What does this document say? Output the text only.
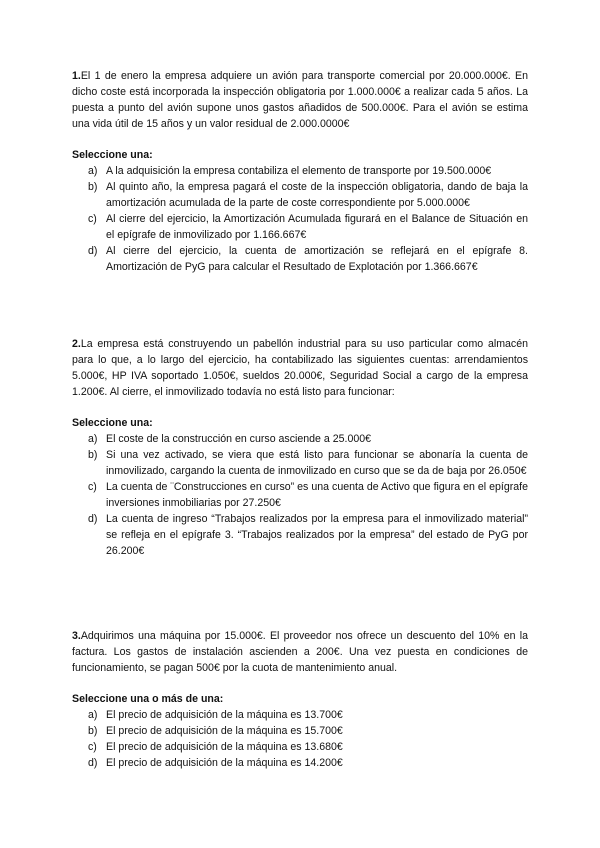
1.El 1 de enero la empresa adquiere un avión para transporte comercial por 20.000.000€. En dicho coste está incorporada la inspección obligatoria por 1.000.000€ a realizar cada 5 años. La puesta a punto del avión supone unos gastos añadidos de 500.000€. Para el avión se estima una vida útil de 15 años y un valor residual de 2.000.0000€

Seleccione una:

a) A la adquisición la empresa contabiliza el elemento de transporte por 19.500.000€
b) Al quinto año, la empresa pagará el coste de la inspección obligatoria, dando de baja la amortización acumulada de la parte de coste correspondiente por 5.000.000€
c) Al cierre del ejercicio, la Amortización Acumulada figurará en el Balance de Situación en el epígrafe de inmovilizado por 1.166.667€
d) Al cierre del ejercicio, la cuenta de amortización se reflejará en el epígrafe 8. Amortización de PyG para calcular el Resultado de Explotación por 1.366.667€

2.La empresa está construyendo un pabellón industrial para su uso particular como almacén para lo que, a lo largo del ejercicio, ha contabilizado las siguientes cuentas: arrendamientos 5.000€, HP IVA soportado 1.050€, sueldos 20.000€, Seguridad Social a cargo de la empresa 1.200€. Al cierre, el inmovilizado todavía no está listo para funcionar:

Seleccione una:

a) El coste de la construcción en curso asciende a 25.000€
b) Si una vez activado, se viera que está listo para funcionar se abonaría la cuenta de inmovilizado, cargando la cuenta de inmovilizado en curso que se da de baja por 26.050€
c) La cuenta de ¨Construcciones en curso” es una cuenta de Activo que figura en el epígrafe inversiones inmobiliarias por 27.250€
d) La cuenta de ingreso “Trabajos realizados por la empresa para el inmovilizado material” se refleja en el epígrafe 3. “Trabajos realizados por la empresa” del estado de PyG por 26.200€

3.Adquirimos una máquina por 15.000€. El proveedor nos ofrece un descuento del 10% en la factura. Los gastos de instalación ascienden a 200€. Una vez puesta en condiciones de funcionamiento, se pagan 500€ por la cuota de mantenimiento anual.

Seleccione una o más de una:

a) El precio de adquisición de la máquina es 13.700€
b) El precio de adquisición de la máquina es 15.700€
c) El precio de adquisición de la máquina es 13.680€
d) El precio de adquisición de la máquina es 14.200€
